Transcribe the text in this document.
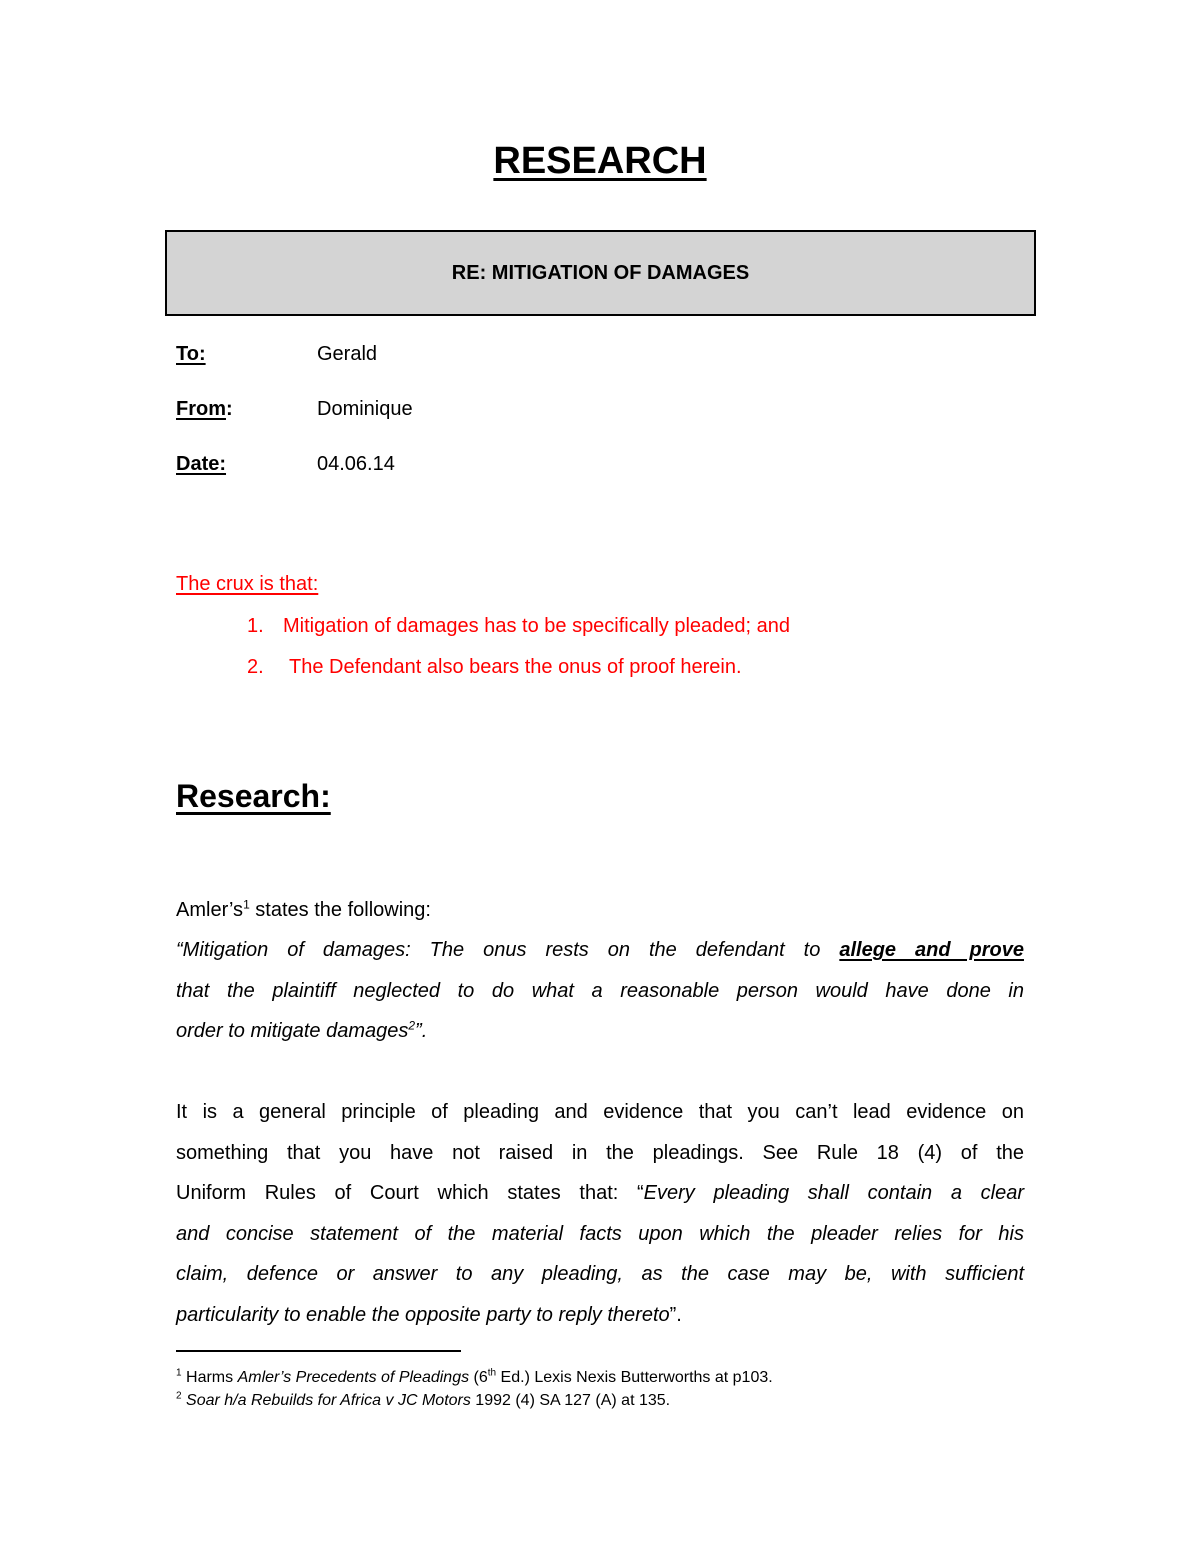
RESEARCH
RE: MITIGATION OF DAMAGES
To:	Gerald
From:	Dominique
Date:	04.06.14
The crux is that:
1. Mitigation of damages has to be specifically pleaded; and
2. The Defendant also bears the onus of proof herein.
Research:
Amler’s$^1$ states the following:
“Mitigation of damages: The onus rests on the defendant to allege and prove
that the plaintiff neglected to do what a reasonable person would have done in
order to mitigate damages$^2$”.
It is a general principle of pleading and evidence that you can’t lead evidence on
something that you have not raised in the pleadings. See Rule 18 (4) of the
Uniform Rules of Court which states that: “Every pleading shall contain a clear
and concise statement of the material facts upon which the pleader relies for his
claim, defence or answer to any pleading, as the case may be, with sufficient
particularity to enable the opposite party to reply thereto”.
$^1$ Harms Amler’s Precedents of Pleadings (6th Ed.) Lexis Nexis Butterworths at p103.
$^2$ Soar h/a Rebuilds for Africa v JC Motors 1992 (4) SA 127 (A) at 135.
